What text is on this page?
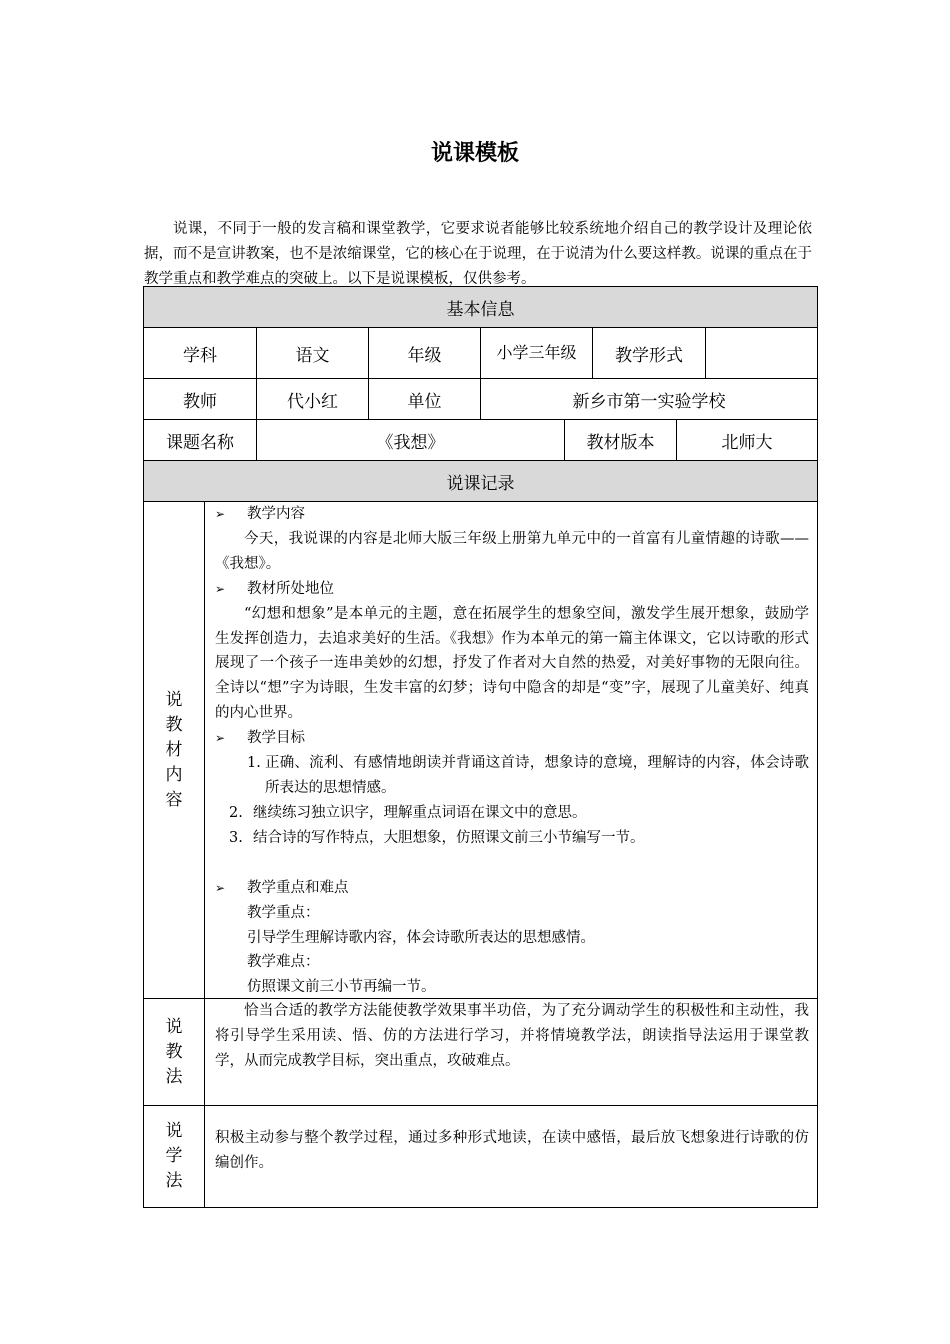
说课模板

说课，不同于一般的发言稿和课堂教学，它要求说者能够比较系统地介绍自己的教学设计及理论依据，而不是宣讲教案，也不是浓缩课堂，它的核心在于说理，在于说清为什么要这样教。说课的重点在于教学重点和教学难点的突破上。以下是说课模板，仅供参考。

基本信息
学科	语文	年级	小学三年级	教学形式
教师	代小红	单位	新乡市第一实验学校
课题名称	《我想》	教材版本	北师大
说课记录
说
教
材
内
容
➢	教学内容

今天，我说课的内容是北师大版三年级上册第九单元中的一首富有儿童情趣的诗歌——《我想》。

➢	教材所处地位

“幻想和想象”是本单元的主题，意在拓展学生的想象空间，激发学生展开想象，鼓励学生发挥创造力，去追求美好的生活。《我想》作为本单元的第一篇主体课文，它以诗歌的形式展现了一个孩子一连串美妙的幻想，抒发了作者对大自然的热爱，对美好事物的无限向往。全诗以“想”字为诗眼，生发丰富的幻梦；诗句中隐含的却是“变”字，展现了儿童美好、纯真的内心世界。

➢	教学目标
1. 正确、流利、有感情地朗读并背诵这首诗，想象诗的意境，理解诗的内容，体会诗歌所表达的思想情感。
2. 继续练习独立识字，理解重点词语在课文中的意思。
3. 结合诗的写作特点，大胆想象，仿照课文前三小节编写一节。
➢	教学重点和难点

教学重点：

引导学生理解诗歌内容，体会诗歌所表达的思想感情。

教学难点：

仿照课文前三小节再编一节。

说
教
法

恰当合适的教学方法能使教学效果事半功倍，为了充分调动学生的积极性和主动性，我将引导学生采用读、悟、仿的方法进行学习，并将情境教学法，朗读指导法运用于课堂教学，从而完成教学目标，突出重点，攻破难点。

说
学
法

积极主动参与整个教学过程，通过多种形式地读，在读中感悟，最后放飞想象进行诗歌的仿编创作。
